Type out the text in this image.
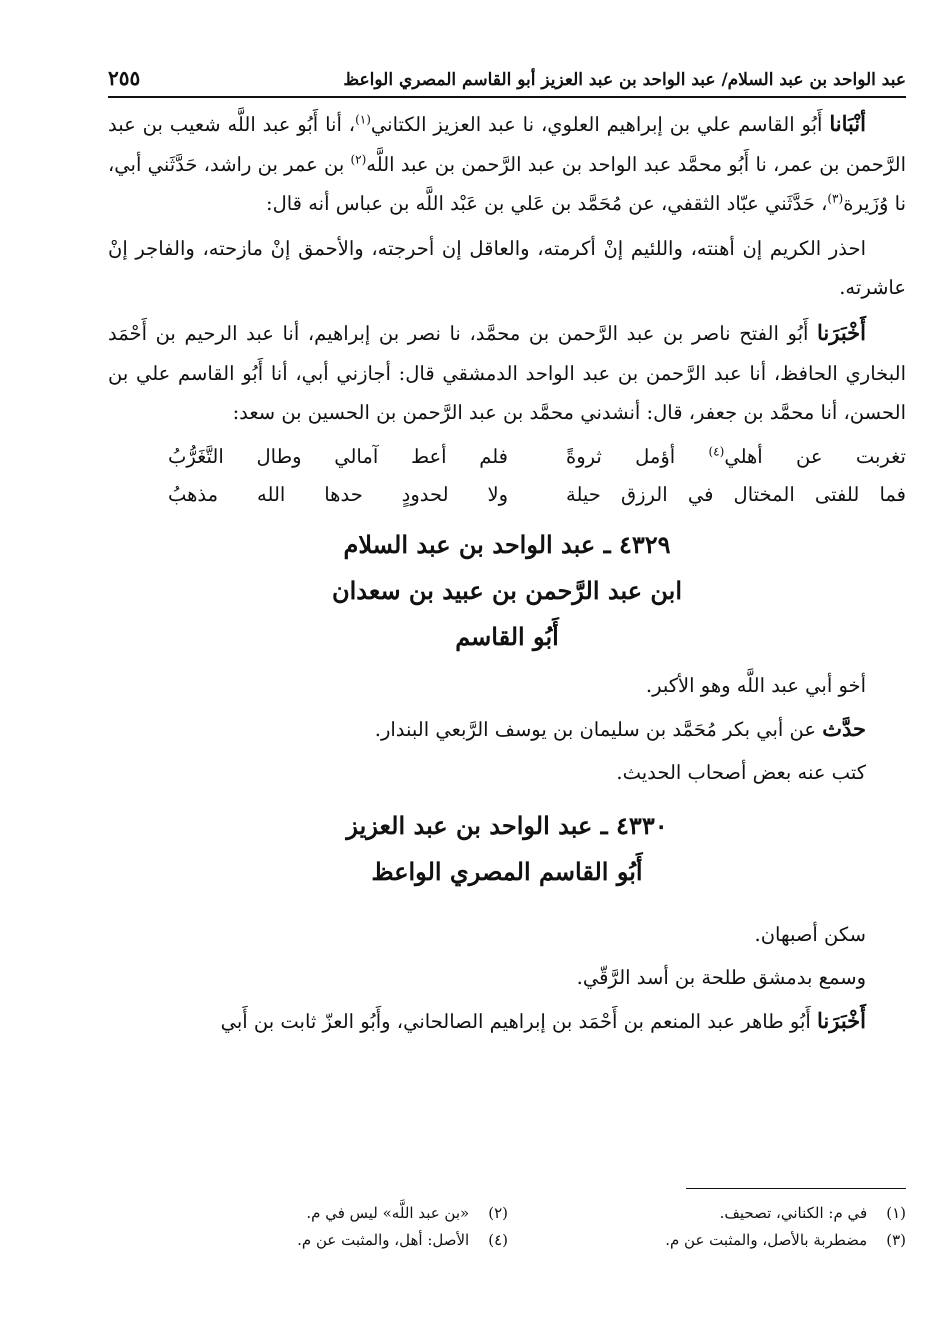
عبد الواحد بن عبد السلام/ عبد الواحد بن عبد العزيز أبو القاسم المصري الواعظ
٢٥٥

أنْبَانا أَبُو القاسم علي بن إبراهيم العلوي، نا عبد العزيز الكتاني$^{(١)}$، أنا أَبُو عبد اللَّه شعيب بن عبد الرَّحمن بن عمر، نا أَبُو محمَّد عبد الواحد بن عبد الرَّحمن بن عبد اللَّه$^{(٢)}$ بن عمر بن راشد، حَدَّثَني أبي، نا وُزَيرة$^{(٣)}$، حَدَّثَني عبّاد الثقفي، عن مُحَمَّد بن عَلي بن عَبْد اللَّه بن عباس أنه قال:

احذر الكريم إن أهنته، واللئيم إنْ أكرمته، والعاقل إن أحرجته، والأحمق إنْ مازحته، والفاجر إنْ عاشرته.

أَخْبَرَنا أَبُو الفتح ناصر بن عبد الرَّحمن بن محمَّد، نا نصر بن إبراهيم، أنا عبد الرحيم بن أَحْمَد البخاري الحافظ، أنا عبد الرَّحمن بن عبد الواحد الدمشقي قال: أجازني أبي، أنا أَبُو القاسم علي بن الحسن، أنا محمَّد بن جعفر، قال: أنشدني محمَّد بن عبد الرَّحمن بن الحسين بن سعد:

تغربت عن أهلي$^{(٤)}$ أؤمل ثروةً
فلم أعط آمالي وطال التَّغَرُّبُ
فما للفتى المختال في الرزق حيلة
ولا لحدودٍ حدها الله مذهبُ
٤٣٢٩ ـ عبد الواحد بن عبد السلام
ابن عبد الرَّحمن بن عبيد بن سعدان
أَبُو القاسم

أخو أبي عبد اللَّه وهو الأكبر.

حدَّث عن أبي بكر مُحَمَّد بن سليمان بن يوسف الرَّبعي البندار.

كتب عنه بعض أصحاب الحديث.

٤٣٣٠ ـ عبد الواحد بن عبد العزيز
أَبُو القاسم المصري الواعظ

سكن أصبهان.

وسمع بدمشق طلحة بن أسد الرَّقّي.

أَخْبَرَنا أَبُو طاهر عبد المنعم بن أَحْمَد بن إبراهيم الصالحاني، وأَبُو العزّ ثابت بن أَبي

(١) في م: الكناني، تصحيف.
(٢) «بن عبد اللَّه» ليس في م.
(٣) مضطربة بالأصل، والمثبت عن م.
(٤) الأصل: أهل، والمثبت عن م.
